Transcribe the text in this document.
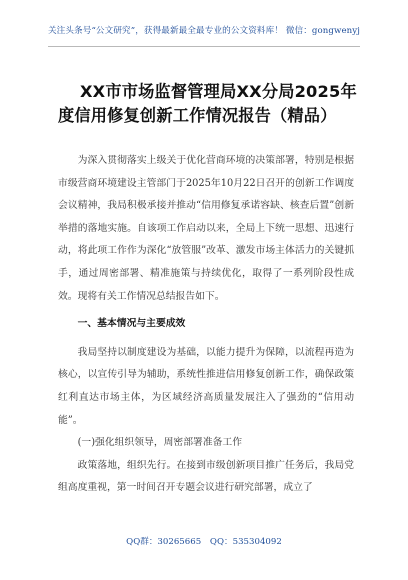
关注头条号“公文研究”，获得最新最全最专业的公文资料库！ 微信：gongwenyj
XX市市场监督管理局XX分局2025年度信用修复创新工作情况报告（精品）

为深入贯彻落实上级关于优化营商环境的决策部署，特别是根据市级营商环境建设主管部门于2025年10月22日召开的创新工作调度会议精神，我局积极承接并推动“信用修复承诺容缺、核查后置”创新举措的落地实施。自该项工作启动以来，全局上下统一思想、迅速行动，将此项工作作为深化“放管服”改革、激发市场主体活力的关键抓手，通过周密部署、精准施策与持续优化，取得了一系列阶段性成效。现将有关工作情况总结报告如下。

一、基本情况与主要成效

我局坚持以制度建设为基础，以能力提升为保障，以流程再造为核心，以宣传引导为辅助，系统性推进信用修复创新工作，确保政策红利直达市场主体，为区域经济高质量发展注入了强劲的“信用动能”。

(一)强化组织领导，周密部署准备工作

政策落地，组织先行。在接到市级创新项目推广任务后，我局党组高度重视，第一时间召开专题会议进行研究部署，成立了

QQ群：30265665 QQ：535304092
